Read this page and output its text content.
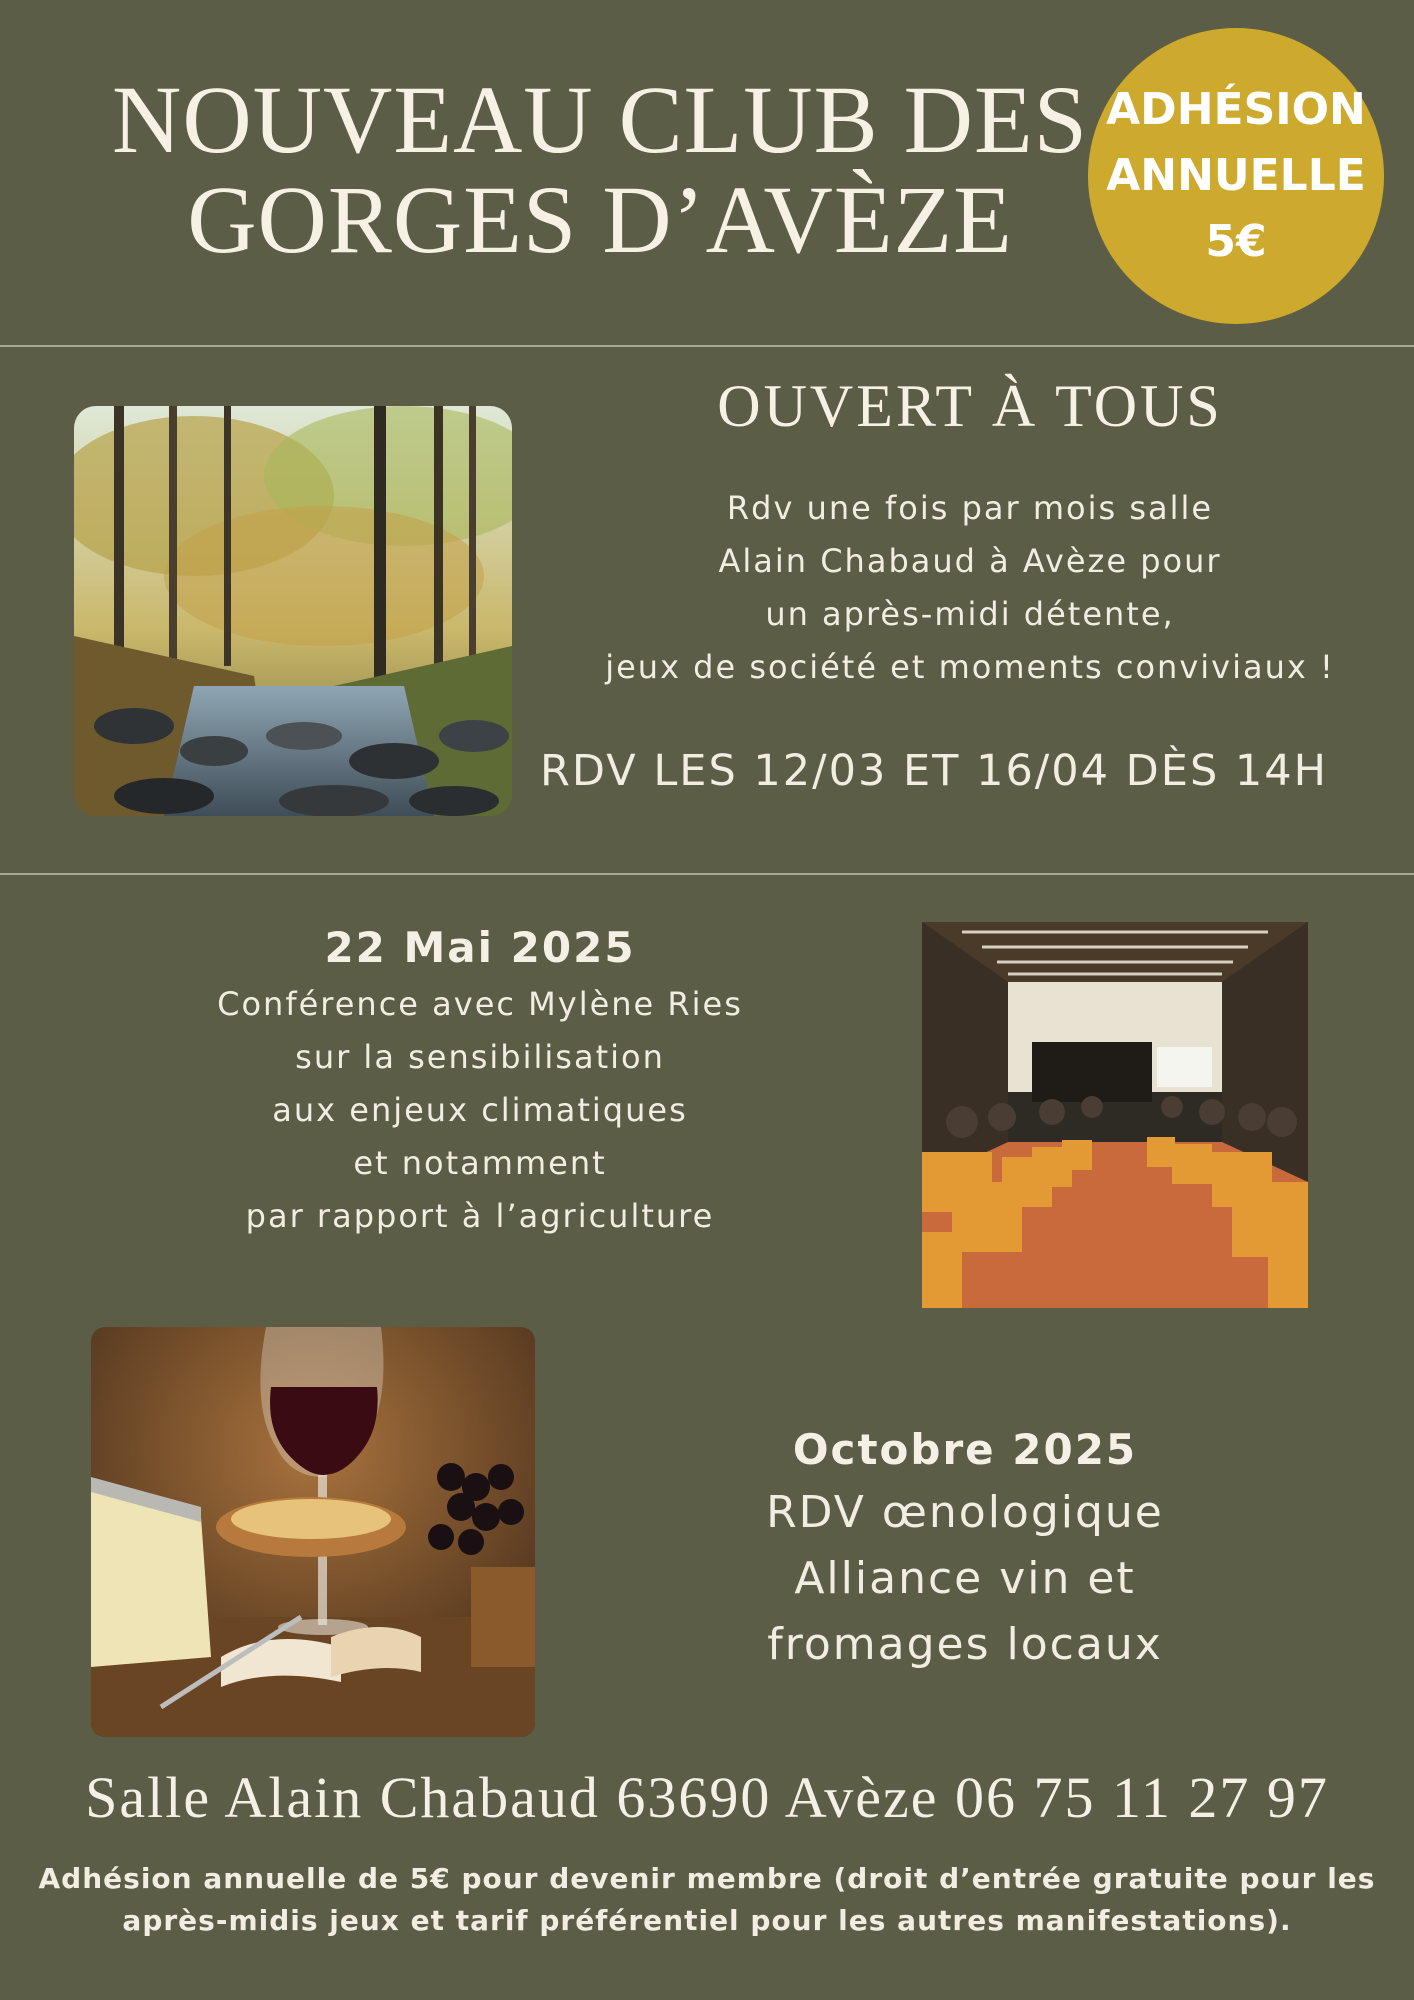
NOUVEAU CLUB DES
GORGES D’AVÈZE
ADHÉSION
ANNUELLE
5€
OUVERT À TOUS
Rdv une fois par mois salle
Alain Chabaud à Avèze pour
un après-midi détente,
jeux de société et moments conviviaux !
RDV LES 12/03 ET 16/04 DÈS 14H
22 Mai 2025
Conférence avec Mylène Ries
sur la sensibilisation
aux enjeux climatiques
et notamment
par rapport à l’agriculture
Octobre 2025
RDV œnologique
Alliance vin et
fromages locaux
Salle Alain Chabaud 63690 Avèze 06 75 11 27 97
Adhésion annuelle de 5€ pour devenir membre (droit d’entrée gratuite pour les
après-midis jeux et tarif préférentiel pour les autres manifestations).
